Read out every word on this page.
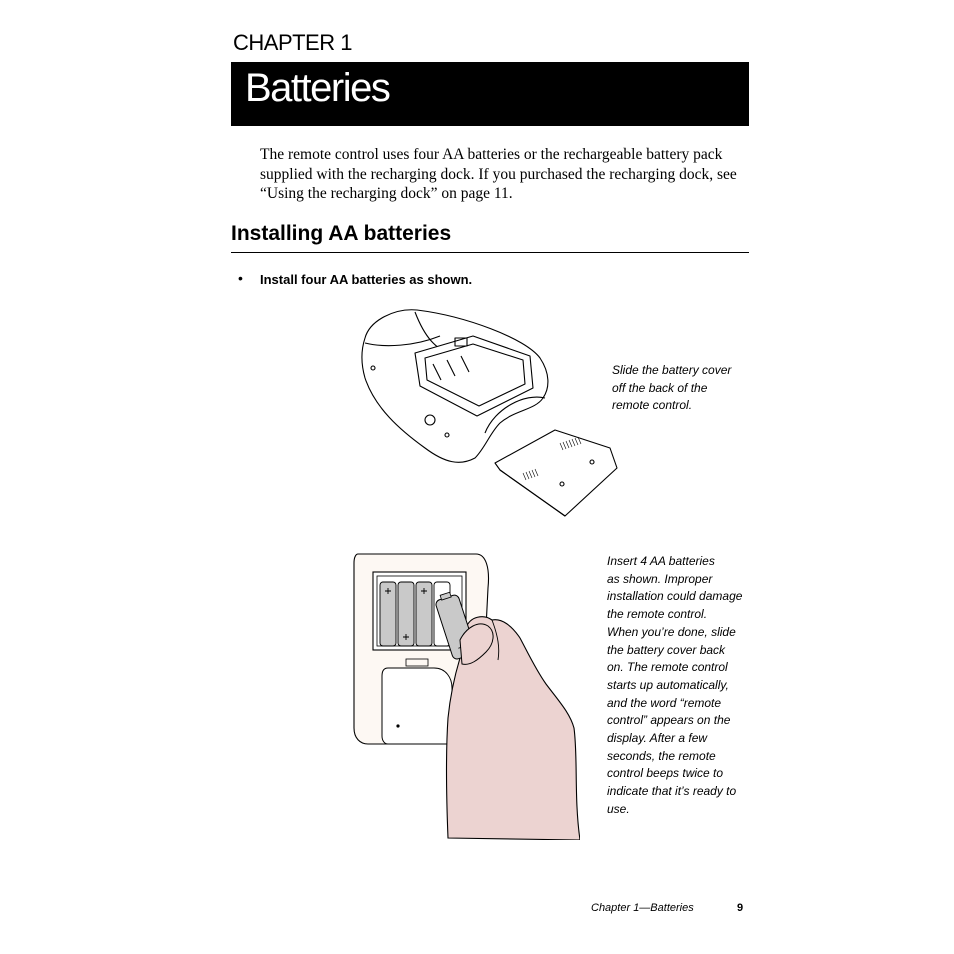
CHAPTER 1
Batteries
The remote control uses four AA batteries or the rechargeable battery pack
supplied with the recharging dock. If you purchased the recharging dock, see
“Using the recharging dock” on page 11.
Installing AA batteries
• Install four AA batteries as shown.
Slide the battery cover
off the back of the
remote control.
Insert 4 AA batteries
as shown. Improper
installation could damage
the remote control.
When you’re done, slide
the battery cover back
on. The remote control
starts up automatically,
and the word “remote
control” appears on the
display. After a few
seconds, the remote
control beeps twice to
indicate that it’s ready to
use.
Chapter 1—Batteries	9
